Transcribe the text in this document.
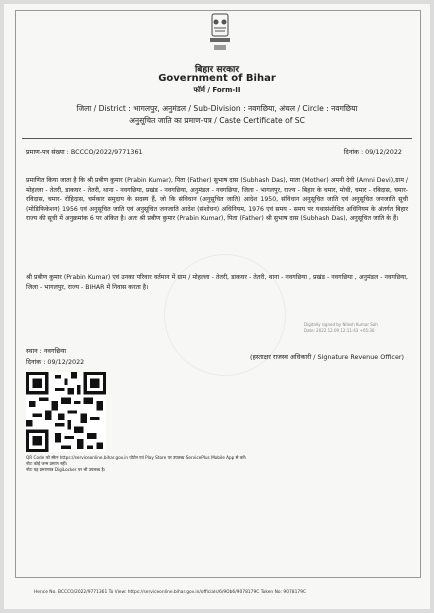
बिहार सरकार
Government of Bihar
फॉर्म / Form-II
जिला / District : भागलपुर, अनुमंडल / Sub-Division : नवगछिया, अंचल / Circle : नवगछिया
अनुसूचित जाति का प्रमाण-पत्र / Caste Certificate of SC
प्रमाण-पत्र संख्या : BCCCO/2022/9771361	दिनांक : 09/12/2022
प्रमाणित किया जाता है कि श्री प्रबीण कुमार (Prabin Kumar), पिता (Father) सुभाष दास (Subhash Das), माता (Mother) अमनी देवी (Amni Devi),ग्राम / मोहल्ला - तेतरी, डाकघर - तेतरी, थाना - नवगछिया, प्रखंड - नवगछिया, अनुमंडल - नवगछिया, जिला - भागलपुर, राज्य - बिहार के चमार, मोची, चमार - रबिदास, चमार-रविदास, चमार- रोहिदास, चर्मकार समुदाय के सदस्य हैं, जो कि संविधान (अनुसूचित जाति) आदेश 1950, संविधान अनुसूचित जाति एवं अनुसूचित जनजाति सूची (मोडिफिकेशन) 1956 एवं अनुसूचित जाति एवं अनुसूचित जनजाति आदेश (संशोधन) अधिनियम, 1976 एवं समय - समय पर यथासंशोधित अधिनियम के अंतर्गत बिहार राज्य की सूची में अनुक्रमांक 6 पर अंकित है। अतः श्री प्रबीण कुमार (Prabin Kumar), पिता (Father) श्री सुभाष दास (Subhash Das), अनुसूचित जाति के हैं।
श्री प्रबीण कुमार (Prabin Kumar) एवं उनका परिवार वर्तमान में ग्राम / मोहल्ला - तेतरी, डाकघर - तेतरी, थाना - नवगछिया , प्रखंड - नवगछिया , अनुमंडल - नवगछिया, जिला - भागलपुर, राज्य - BIHAR में निवास करता है।
Digitally signed by Nilesh Kumar Sah
Date: 2022.12.09 12:11:43 +05:30
स्थान : नवगछिया
दिनांक : 09/12/2022
(हस्ताक्षर राजस्व अधिकारी / Signature Revenue Officer)
QR Code को स्कैन https://serviceonline.bihar.gov.in पोर्टल एवं Play Store पर उपलब्ध ServicePlus Mobile App से करें।
नोटः कोई जन्म प्रमाण नहीं।
नोटः यह प्रमाणपत्र DigiLocker पर भी उपलब्ध है।
Hence No. BCCCO/2022/9771361 To View: https://serviceonline.bihar.gov.in/officials/6/9Ob6/9078179C Token No: 9078179C
